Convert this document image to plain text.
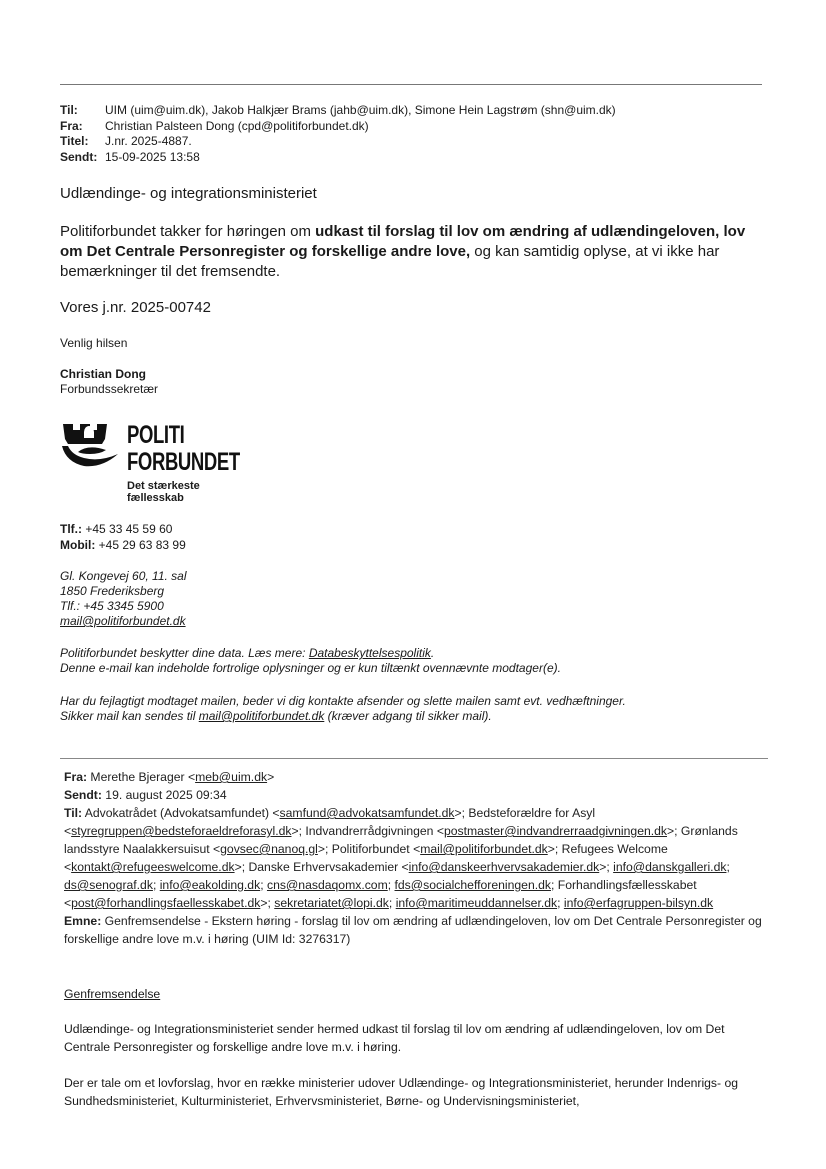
Til:	UIM (uim@uim.dk), Jakob Halkjær Brams (jahb@uim.dk), Simone Hein Lagstrøm (shn@uim.dk)
Fra:	Christian Palsteen Dong (cpd@politiforbundet.dk)
Titel:	J.nr. 2025-4887.
Sendt: 15-09-2025 13:58
Udlændinge- og integrationsministeriet
Politiforbundet takker for høringen om udkast til forslag til lov om ændring af udlændingeloven, lov om Det Centrale Personregister og forskellige andre love, og kan samtidig oplyse, at vi ikke har bemærkninger til det fremsendte.
Vores j.nr. 2025-00742
Venlig hilsen
Christian Dong
Forbundssekretær
POLITI
FORBUNDET
Det stærkeste
fællesskab
Tlf.: +45 33 45 59 60
Mobil: +45 29 63 83 99
Gl. Kongevej 60, 11. sal
1850 Frederiksberg
Tlf.: +45 3345 5900
mail@politiforbundet.dk
Politiforbundet beskytter dine data. Læs mere: Databeskyttelsespolitik.
Denne e-mail kan indeholde fortrolige oplysninger og er kun tiltænkt ovennævnte modtager(e).
Har du fejlagtigt modtaget mailen, beder vi dig kontakte afsender og slette mailen samt evt. vedhæftninger.
Sikker mail kan sendes til mail@politiforbundet.dk (kræver adgang til sikker mail).
Fra: Merethe Bjerager <meb@uim.dk>
Sendt: 19. august 2025 09:34
Til: Advokatrådet (Advokatsamfundet) <samfund@advokatsamfundet.dk>; Bedsteforældre for Asyl <styregruppen@bedsteforaeldreforasyl.dk>; Indvandrerrådgivningen <postmaster@indvandrerraadgivningen.dk>; Grønlands landsstyre Naalakkersuisut <govsec@nanoq.gl>; Politiforbundet <mail@politiforbundet.dk>; Refugees Welcome <kontakt@refugeeswelcome.dk>; Danske Erhvervsakademier <info@danskeerhvervsakademier.dk>; info@danskgalleri.dk; ds@senograf.dk; info@eakolding.dk; cns@nasdaqomx.com; fds@socialchefforeningen.dk; Forhandlingsfællesskabet <post@forhandlingsfaellesskabet.dk>; sekretariatet@lopi.dk; info@maritimeuddannelser.dk; info@erfagruppen-bilsyn.dk
Emne: Genfremsendelse - Ekstern høring - forslag til lov om ændring af udlændingeloven, lov om Det Centrale Personregister og forskellige andre love m.v. i høring (UIM Id: 3276317)
Genfremsendelse
Udlændinge- og Integrationsministeriet sender hermed udkast til forslag til lov om ændring af udlændingeloven, lov om Det Centrale Personregister og forskellige andre love m.v. i høring.
Der er tale om et lovforslag, hvor en række ministerier udover Udlændinge- og Integrationsministeriet, herunder Indenrigs- og Sundhedsministeriet, Kulturministeriet, Erhvervsministeriet, Børne- og Undervisningsministeriet,
